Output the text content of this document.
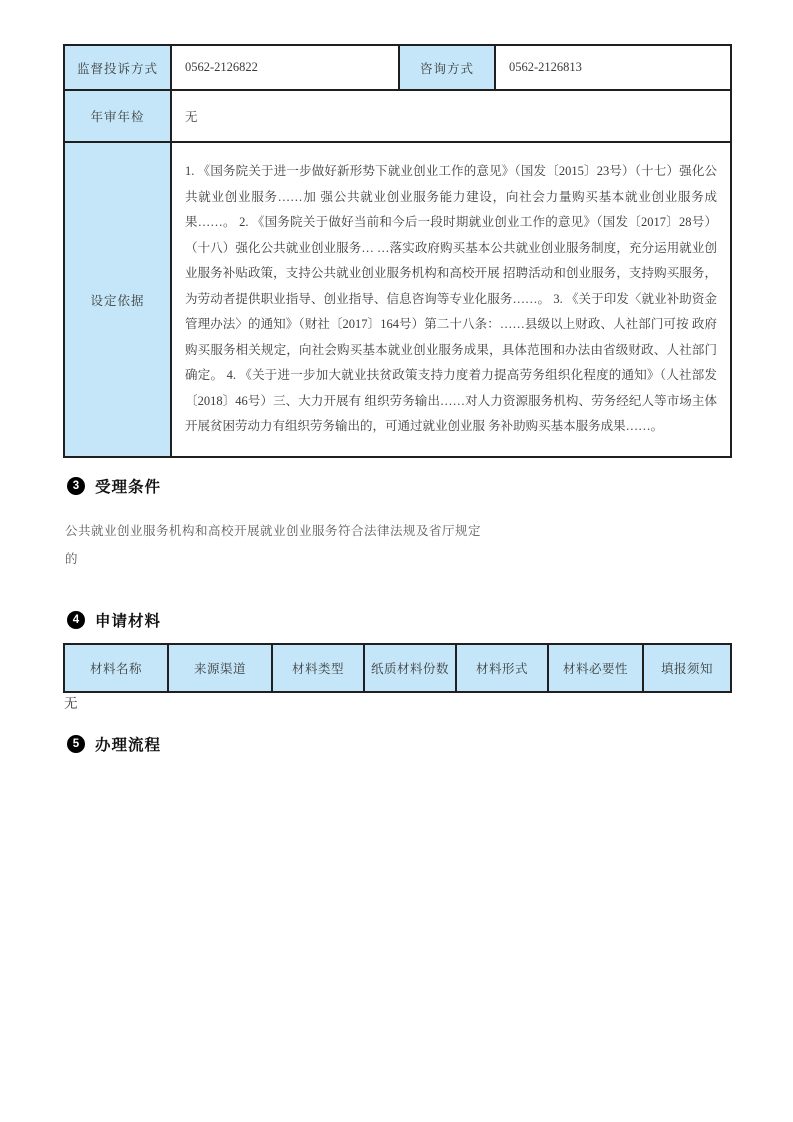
监督投诉方式	0562-2126822	咨询方式	0562-2126813
年审年检	无		
设定依据	1. 《国务院关于进一步做好新形势下就业创业工作的意见》（国发〔2015〕23号）（十七）强化公共就业创业服务……加 强公共就业创业服务能力建设，向社会力量购买基本就业创业服务成果……。 2. 《国务院关于做好当前和今后一段时期就业创业工作的意见》（国发〔2017〕28号）（十八）强化公共就业创业服务… …落实政府购买基本公共就业创业服务制度，充分运用就业创业服务补贴政策，支持公共就业创业服务机构和高校开展 招聘活动和创业服务，支持购买服务，为劳动者提供职业指导、创业指导、信息咨询等专业化服务……。 3. 《关于印发〈就业补助资金管理办法〉的通知》（财社〔2017〕164号）第二十八条：……县级以上财政、人社部门可按 政府购买服务相关规定，向社会购买基本就业创业服务成果，具体范围和办法由省级财政、人社部门确定。 4. 《关于进一步加大就业扶贫政策支持力度着力提高劳务组织化程度的通知》（人社部发〔2018〕46号）三、大力开展有 组织劳务输出……对人力资源服务机构、劳务经纪人等市场主体开展贫困劳动力有组织劳务输出的，可通过就业创业服 务补助购买基本服务成果……。		
3	受理条件
公共就业创业服务机构和高校开展就业创业服务符合法律法规及省厅规定
的
4	申请材料
材料名称	来源渠道	材料类型	纸质材料份数	材料形式	材料必要性	填报须知
无
5	办理流程
